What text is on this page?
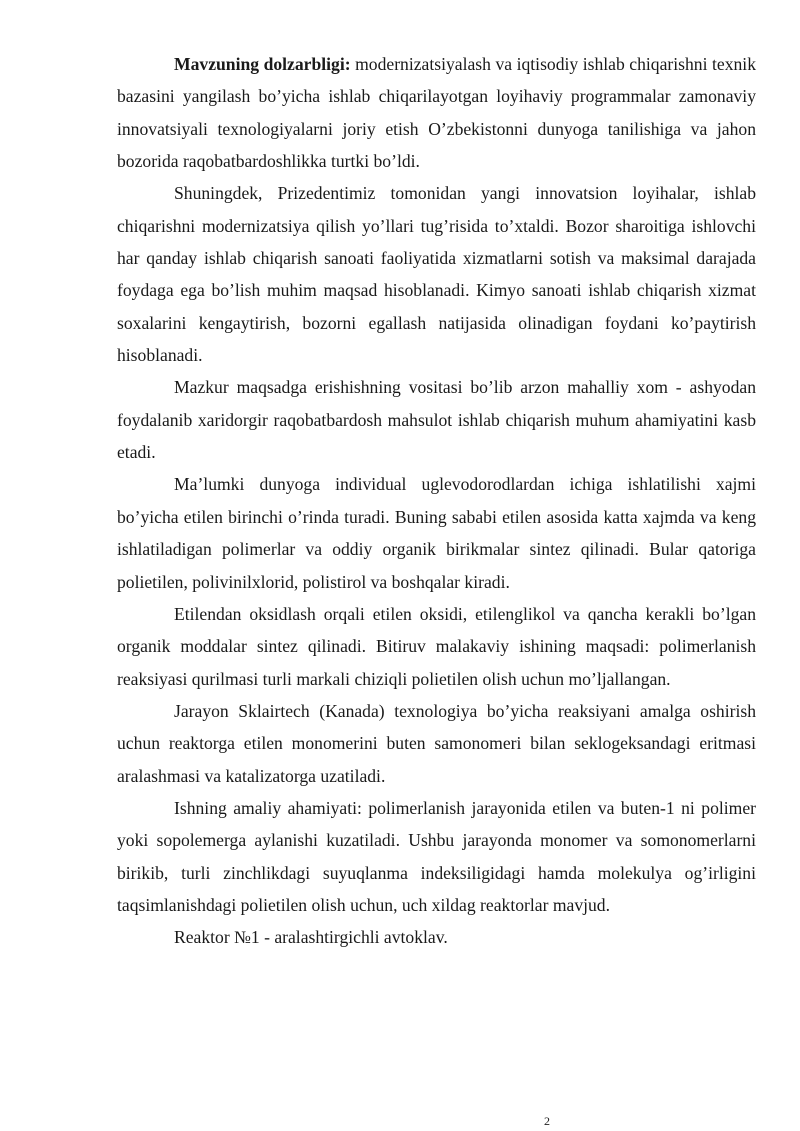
Mavzuning dolzarbligi: modernizatsiyalash va iqtisodiy ishlab chiqarishni texnik bazasini yangilash bo’yicha ishlab chiqarilayotgan loyihaviy programmalar zamonaviy innovatsiyali texnologiyalarni joriy etish O’zbekistonni dunyoga tanilishiga va jahon bozorida raqobatbardoshlikka turtki bo’ldi.

Shuningdek, Prizedentimiz tomonidan yangi innovatsion loyihalar, ishlab chiqarishni modernizatsiya qilish yo’llari tug’risida to’xtaldi. Bozor sharoitiga ishlovchi har qanday ishlab chiqarish sanoati faoliyatida xizmatlarni sotish va maksimal darajada foydaga ega bo’lish muhim maqsad hisoblanadi. Kimyo sanoati ishlab chiqarish xizmat soxalarini kengaytirish, bozorni egallash natijasida olinadigan foydani ko’paytirish hisoblanadi.

Mazkur maqsadga erishishning vositasi bo’lib arzon mahalliy xom - ashyodan foydalanib xaridorgir raqobatbardosh mahsulot ishlab chiqarish muhum ahamiyatini kasb etadi.

Ma’lumki dunyoga individual uglevodorodlardan ichiga ishlatilishi xajmi bo’yicha etilen birinchi o’rinda turadi. Buning sababi etilen asosida katta xajmda va keng ishlatiladigan polimerlar va oddiy organik birikmalar sintez qilinadi. Bular qatoriga polietilen, polivinilxlorid, polistirol va boshqalar kiradi.

Etilendan oksidlash orqali etilen oksidi, etilenglikol va qancha kerakli bo’lgan organik moddalar sintez qilinadi. Bitiruv malakaviy ishining maqsadi: polimerlanish reaksiyasi qurilmasi turli markali chiziqli polietilen olish uchun mo’ljallangan.

Jarayon Sklairtech (Kanada) texnologiya bo’yicha reaksiyani amalga oshirish uchun reaktorga etilen monomerini buten samonomeri bilan seklogeksandagi eritmasi aralashmasi va katalizatorga uzatiladi.

Ishning amaliy ahamiyati: polimerlanish jarayonida etilen va buten-1 ni polimer yoki sopolemerga aylanishi kuzatiladi. Ushbu jarayonda monomer va somonomerlarni birikib, turli zinchlikdagi suyuqlanma indeksiligidagi hamda molekulya og’irligini taqsimlanishdagi polietilen olish uchun, uch xildag reaktorlar mavjud.

Reaktor №1 - aralashtirgichli avtoklav.

2
